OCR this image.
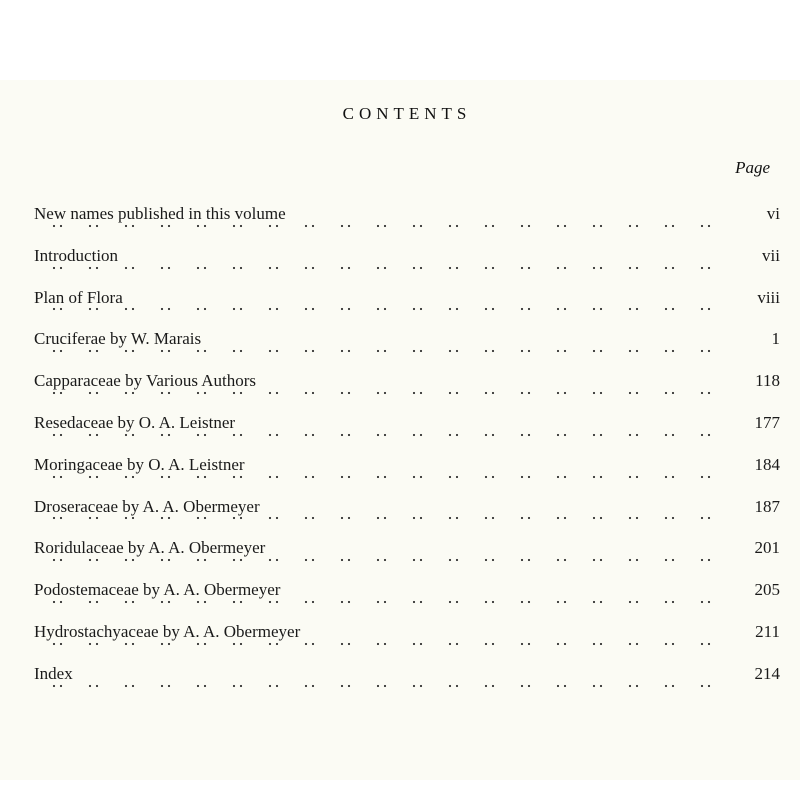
CONTENTS
Page
New names published in this volume	vi
Introduction	vii
Plan of Flora	viii
Cruciferae by W. Marais	1
Capparaceae by Various Authors	118
Resedaceae by O. A. Leistner	177
Moringaceae by O. A. Leistner	184
Droseraceae by A. A. Obermeyer	187
Roridulaceae by A. A. Obermeyer	201
Podostemaceae by A. A. Obermeyer	205
Hydrostachyaceae by A. A. Obermeyer	211
Index	214
